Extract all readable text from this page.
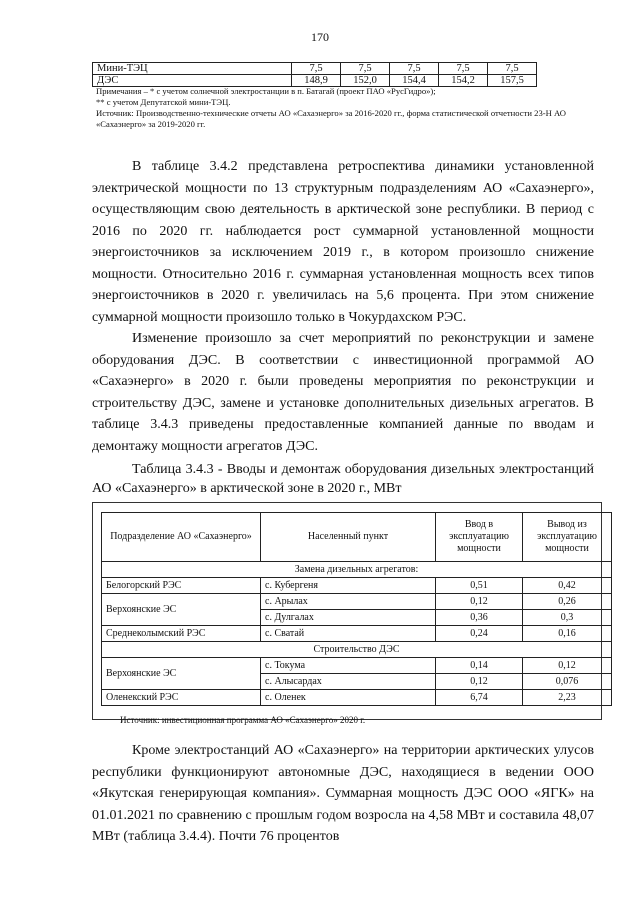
170
Мини-ТЭЦ	7,5	7,5	7,5	7,5	7,5
ДЭС	148,9	152,0	154,4	154,2	157,5
Примечания – * с учетом солнечной электростанции в п. Батагай (проект ПАО «РусГидро»);
** с учетом Депутатской мини-ТЭЦ.
Источник: Производственно-технические отчеты АО «Сахаэнерго» за 2016-2020 гг., форма статистической отчетности 23-Н АО «Сахаэнерго» за 2019-2020 гг.

В таблице 3.4.2 представлена ретроспектива динамики установленной электрической мощности по 13 структурным подразделениям АО «Сахаэнерго», осуществляющим свою деятельность в арктической зоне республики. В период с 2016 по 2020 гг. наблюдается рост суммарной установленной мощности энергоисточников за исключением 2019 г., в котором произошло снижение мощности. Относительно 2016 г. суммарная установленная мощность всех типов энергоисточников в 2020 г. увеличилась на 5,6 процента. При этом снижение суммарной мощности произошло только в Чокурдахском РЭС.

Изменение произошло за счет мероприятий по реконструкции и замене оборудования ДЭС. В соответствии с инвестиционной программой АО «Сахаэнерго» в 2020 г. были проведены мероприятия по реконструкции и строительству ДЭС, замене и установке дополнительных дизельных агрегатов. В таблице 3.4.3 приведены предоставленные компанией данные по вводам и демонтажу мощности агрегатов ДЭС.

Таблица 3.4.3 - Вводы и демонтаж оборудования дизельных электростанций АО «Сахаэнерго» в арктической зоне в 2020 г., МВт

Подразделение АО «Сахаэнерго»	Населенный пункт	Ввод в эксплуатацию мощности	Вывод из эксплуатацию мощности
Замена дизельных агрегатов:			
Белогорский РЭС	с. Кубергеня	0,51	0,42
Верхоянские ЭС	с. Арылах	0,12	0,26
	с. Дулгалах	0,36	0,3
Среднеколымский РЭС	с. Сватай	0,24	0,16
Строительство ДЭС			
Верхоянские ЭС	с. Токума	0,14	0,12
	с. Алысардах	0,12	0,076
Оленекский РЭС	с. Оленек	6,74	2,23
Источник: инвестиционная программа АО «Сахаэнерго» 2020 г.

Кроме электростанций АО «Сахаэнерго» на территории арктических улусов республики функционируют автономные ДЭС, находящиеся в ведении ООО «Якутская генерирующая компания». Суммарная мощность ДЭС ООО «ЯГК» на 01.01.2021 по сравнению с прошлым годом возросла на 4,58 МВт и составила 48,07 МВт (таблица 3.4.4). Почти 76 процентов
